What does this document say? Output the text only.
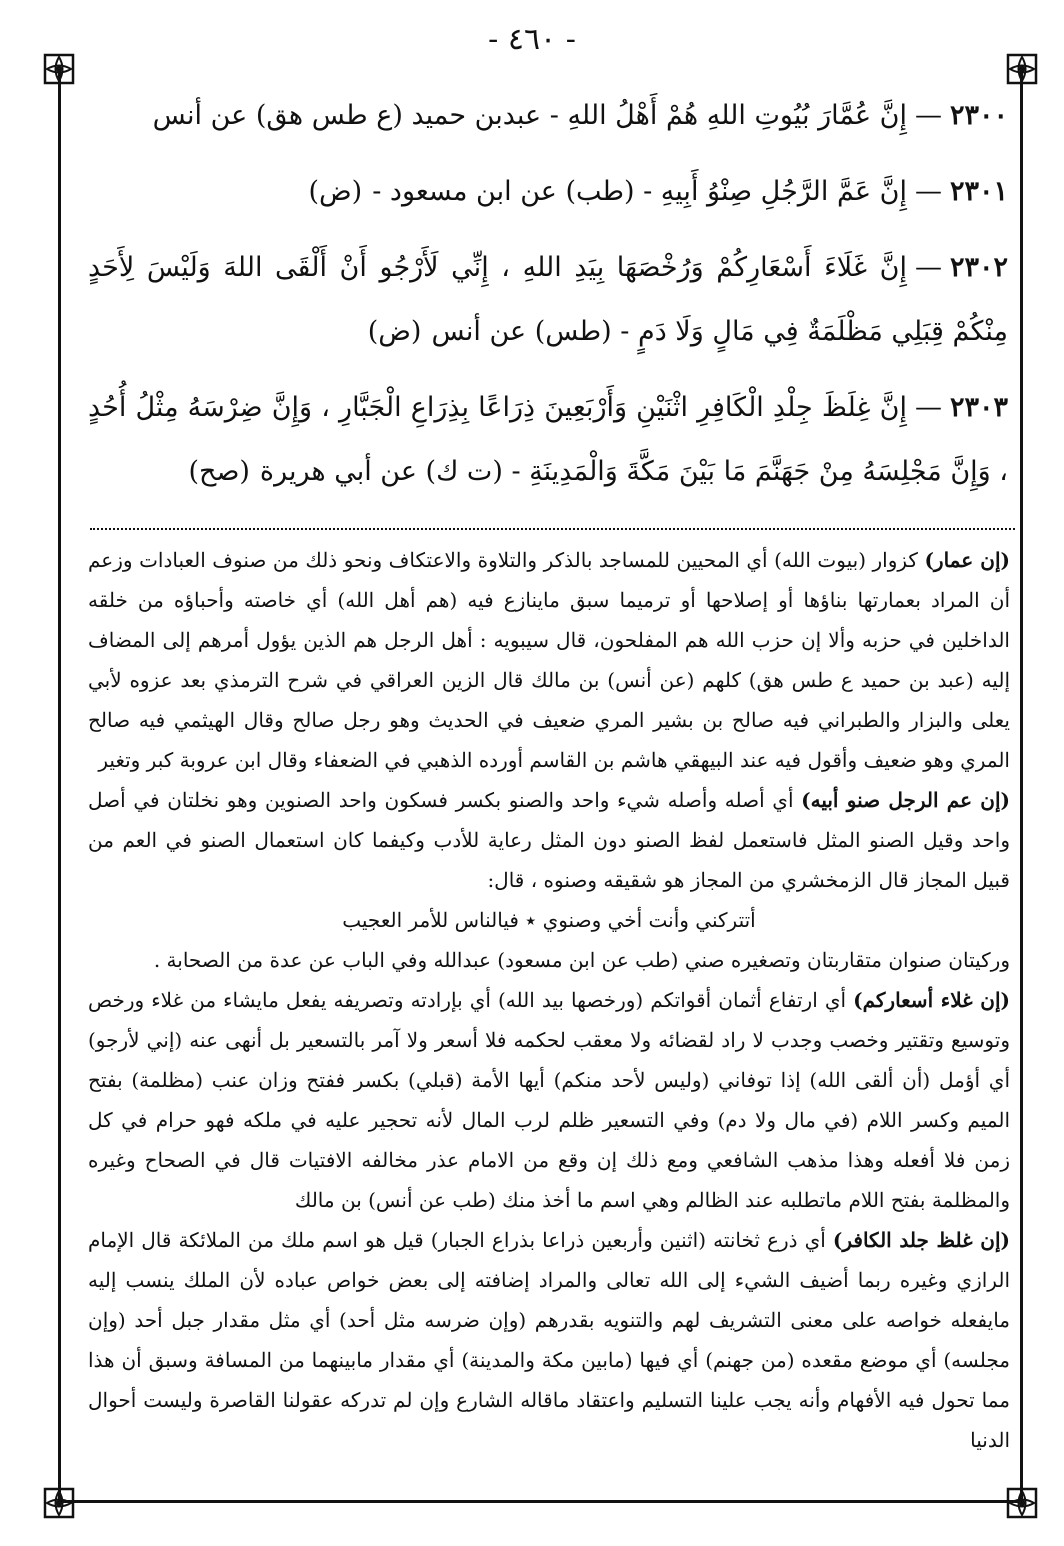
- ٤٦٠ -
٢٣٠٠—إِنَّ عُمَّارَ بُيُوتِ اللهِ هُمْ أَهْلُ اللهِ - عبدبن حميد (ع طس هق) عن أنس
٢٣٠١—إِنَّ عَمَّ الرَّجُلِ صِنْوُ أَبِيهِ - (طب) عن ابن مسعود -(ض)
٢٣٠٢—إِنَّ غَلَاءَ أَسْعَارِكُمْ وَرُخْصَهَا بِيَدِ اللهِ ، إِنِّي لَأَرْجُو أَنْ أَلْقَى اللهَ وَلَيْسَ لِأَحَدٍ مِنْكُمْ قِبَلِي مَظْلَمَةٌ فِي مَالٍ وَلَا دَمٍ - (طس) عن أنس(ض)
٢٣٠٣—إِنَّ غِلَظَ جِلْدِ الْكَافِرِ اثْنَيْنِ وَأَرْبَعِينَ ذِرَاعًا بِذِرَاعِ الْجَبَّارِ ، وَإِنَّ ضِرْسَهُ مِثْلُ أُحُدٍ ، وَإِنَّ مَجْلِسَهُ مِنْ جَهَنَّمَ مَا بَيْنَ مَكَّةَ وَالْمَدِينَةِ - (ت ك) عن أبي هريرة(صح)

(إن عمار) كزوار (بيوت الله) أي المحيين للمساجد بالذكر والتلاوة والاعتكاف ونحو ذلك من صنوف العبادات وزعم أن المراد بعمارتها بناؤها أو إصلاحها أو ترميما سبق ماينازع فيه (هم أهل الله) أي خاصته وأحباؤه من خلقه الداخلين في حزبه وألا إن حزب الله هم المفلحون، قال سيبويه : أهل الرجل هم الذين يؤول أمرهم إلى المضاف إليه (عبد بن حميد ع طس هق) كلهم (عن أنس) بن مالك قال الزين العراقي في شرح الترمذي بعد عزوه لأبي يعلى والبزار والطبراني فيه صالح بن بشير المري ضعيف في الحديث وهو رجل صالح وقال الهيثمي فيه صالح المري وهو ضعيف وأقول فيه عند البيهقي هاشم بن القاسم أورده الذهبي في الضعفاء وقال ابن عروبة كبر وتغير

(إن عم الرجل صنو أبيه) أي أصله وأصله شيء واحد والصنو بكسر فسكون واحد الصنوين وهو نخلتان في أصل واحد وقيل الصنو المثل فاستعمل لفظ الصنو دون المثل رعاية للأدب وكيفما كان استعمال الصنو في العم من قبيل المجاز قال الزمخشري من المجاز هو شقيقه وصنوه ، قال:

أتتركني وأنت أخي وصنوي ٭ فيالناس للأمر العجيب

وركيتان صنوان متقاربتان وتصغيره صني (طب عن ابن مسعود) عبدالله وفي الباب عن عدة من الصحابة .

(إن غلاء أسعاركم) أي ارتفاع أثمان أقواتكم (ورخصها بيد الله) أي بإرادته وتصريفه يفعل مايشاء من غلاء ورخص وتوسيع وتقتير وخصب وجدب لا راد لقضائه ولا معقب لحكمه فلا أسعر ولا آمر بالتسعير بل أنهى عنه (إني لأرجو) أي أؤمل (أن ألقى الله) إذا توفاني (وليس لأحد منكم) أيها الأمة (قبلي) بكسر ففتح وزان عنب (مظلمة) بفتح الميم وكسر اللام (في مال ولا دم) وفي التسعير ظلم لرب المال لأنه تحجير عليه في ملكه فهو حرام في كل زمن فلا أفعله وهذا مذهب الشافعي ومع ذلك إن وقع من الامام عذر مخالفه الافتيات قال في الصحاح وغيره والمظلمة بفتح اللام ماتطلبه عند الظالم وهي اسم ما أخذ منك (طب عن أنس) بن مالك

(إن غلظ جلد الكافر) أي ذرع ثخانته (اثنين وأربعين ذراعا بذراع الجبار) قيل هو اسم ملك من الملائكة قال الإمام الرازي وغيره ربما أضيف الشيء إلى الله تعالى والمراد إضافته إلى بعض خواص عباده لأن الملك ينسب إليه مايفعله خواصه على معنى التشريف لهم والتنويه بقدرهم (وإن ضرسه مثل أحد) أي مثل مقدار جبل أحد (وإن مجلسه) أي موضع مقعده (من جهنم) أي فيها (مابين مكة والمدينة) أي مقدار مابينهما من المسافة وسبق أن هذا مما تحول فيه الأفهام وأنه يجب علينا التسليم واعتقاد ماقاله الشارع وإن لم تدركه عقولنا القاصرة وليست أحوال الدنيا
